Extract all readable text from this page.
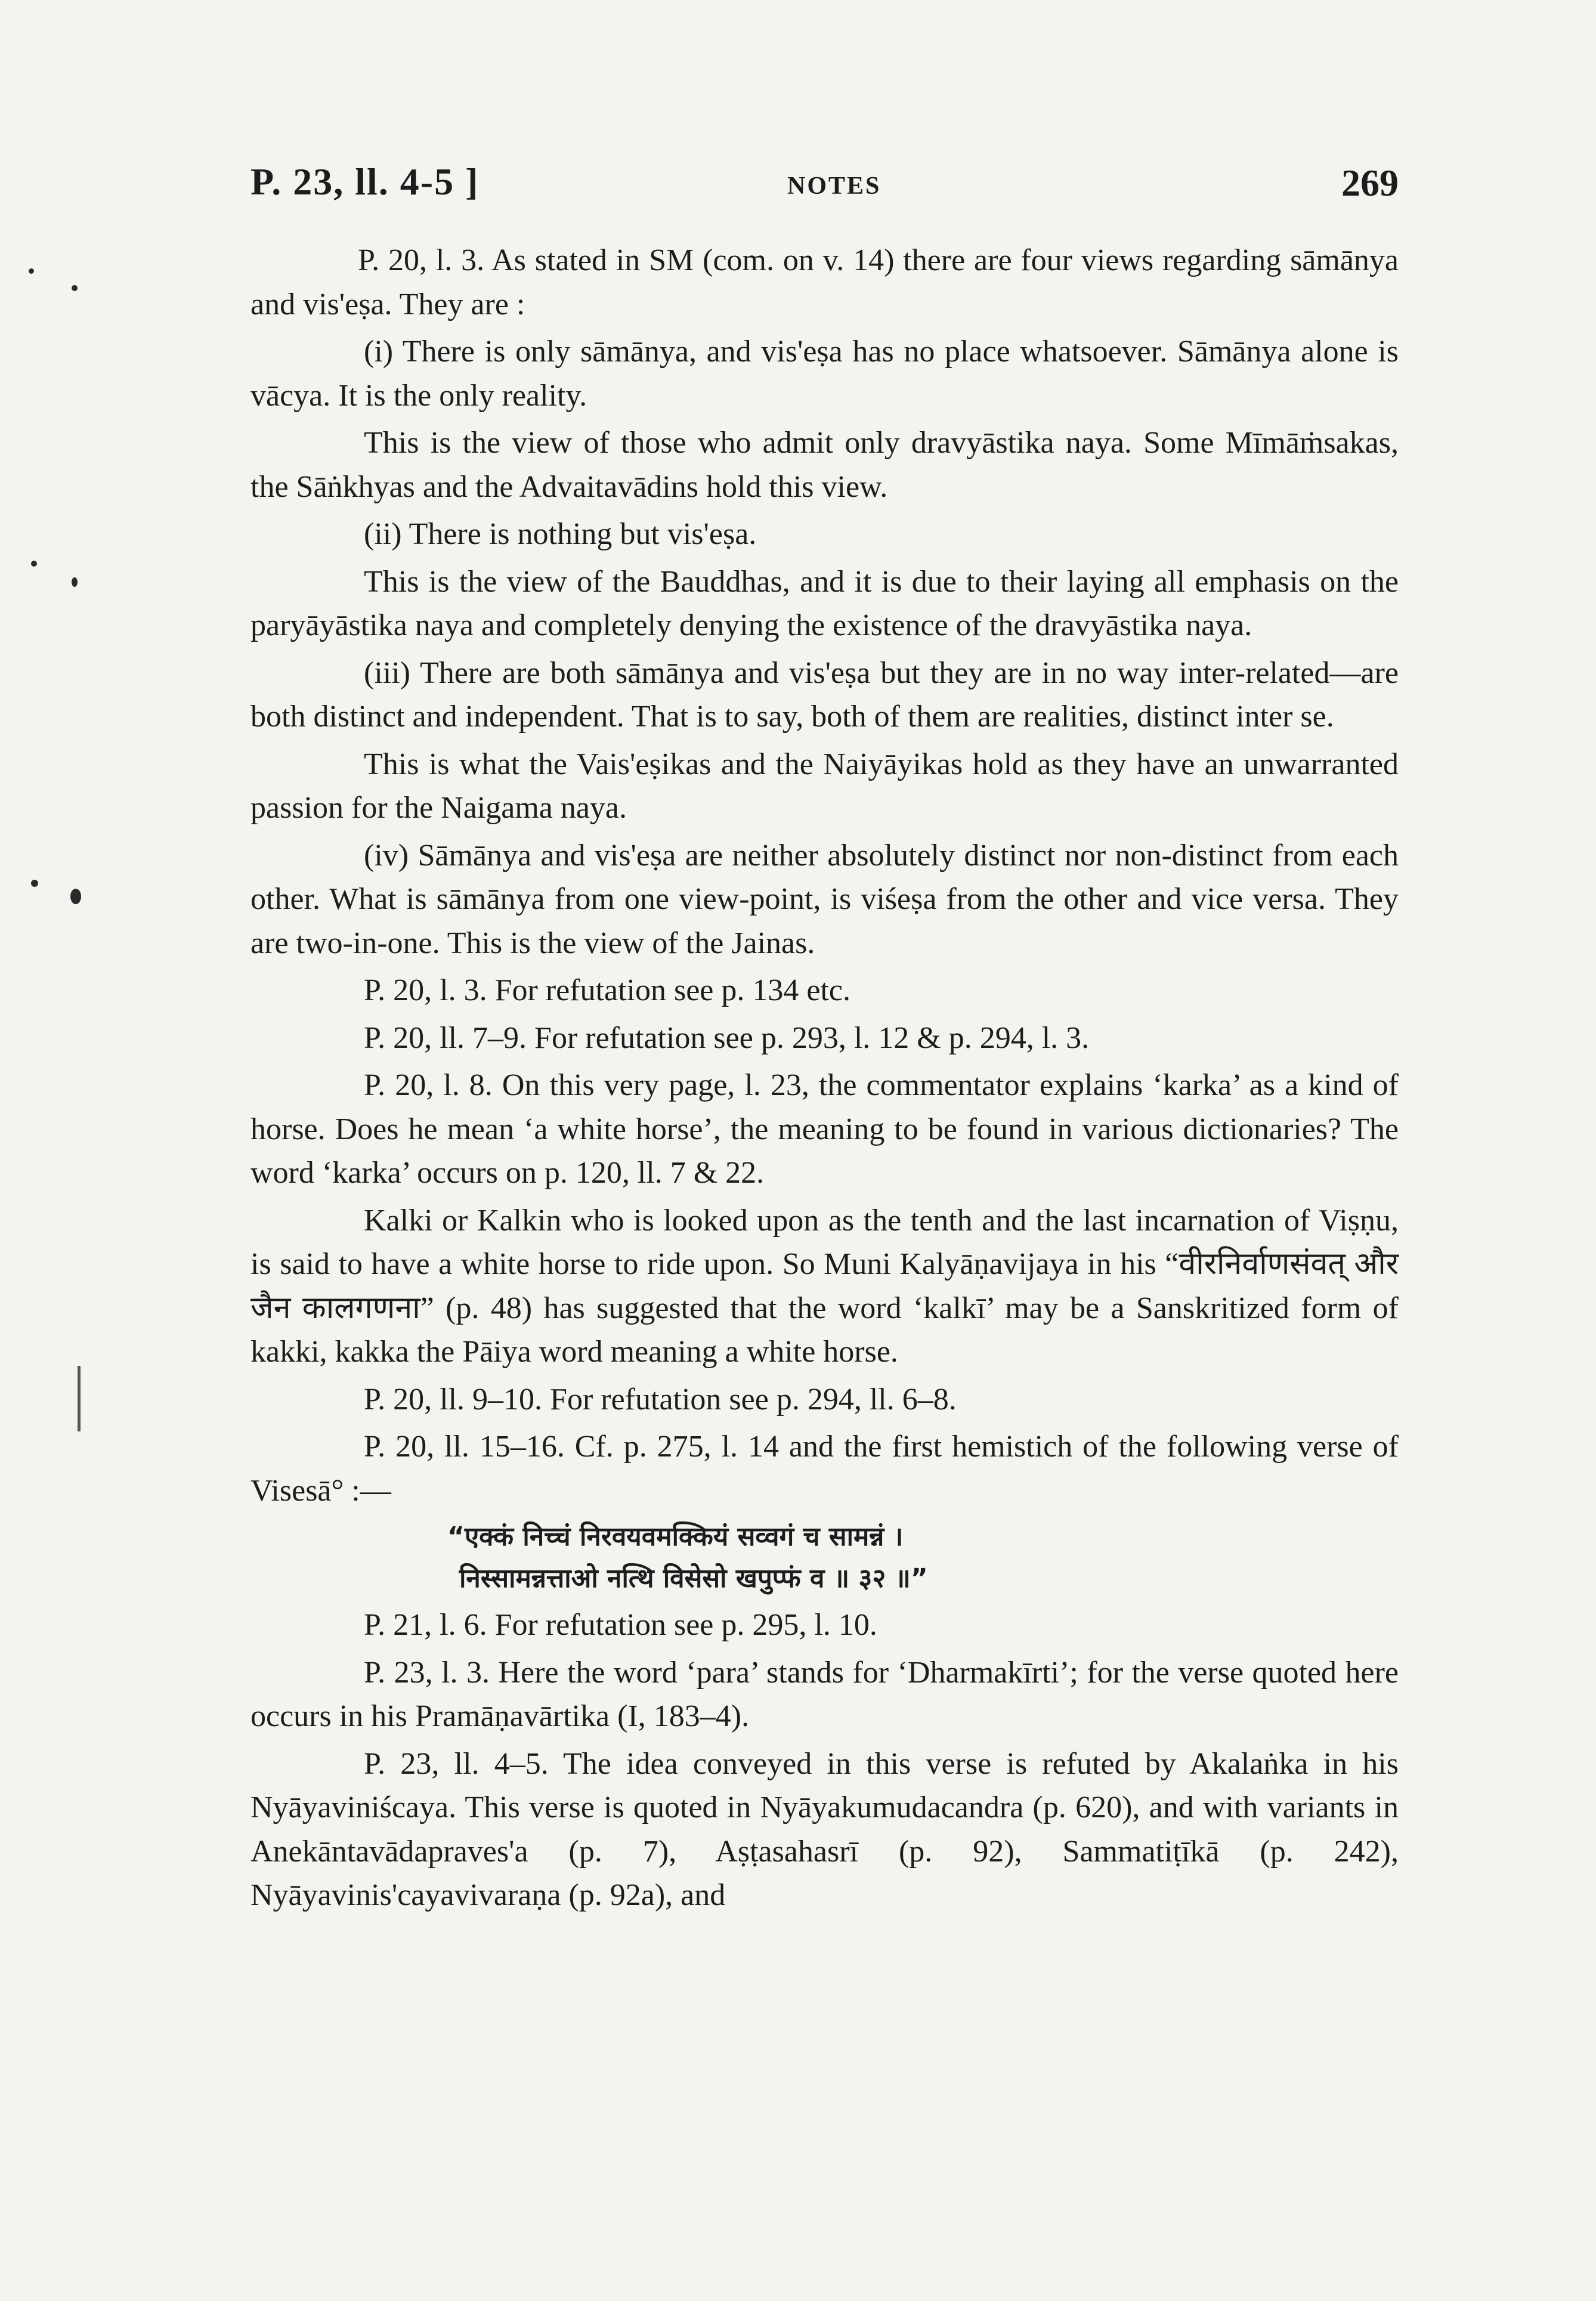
P. 23, ll. 4-5 ]	NOTES	269

P. 20, l. 3. As stated in SM (com. on v. 14) there are four views regarding sāmānya and vis'eṣa. They are :

(i) There is only sāmānya, and vis'eṣa has no place whatsoever. Sāmānya alone is vācya. It is the only reality.

This is the view of those who admit only dravyāstika naya. Some Mīmāṁsakas, the Sāṅkhyas and the Advaitavādins hold this view.

(ii) There is nothing but vis'eṣa.

This is the view of the Bauddhas, and it is due to their laying all emphasis on the paryāyāstika naya and completely denying the existence of the dravyāstika naya.

(iii) There are both sāmānya and vis'eṣa but they are in no way inter-related—are both distinct and independent. That is to say, both of them are realities, distinct inter se.

This is what the Vais'eṣikas and the Naiyāyikas hold as they have an unwarranted passion for the Naigama naya.

(iv) Sāmānya and vis'eṣa are neither absolutely distinct nor non-distinct from each other. What is sāmānya from one view-point, is viśeṣa from the other and vice versa. They are two-in-one. This is the view of the Jainas.

P. 20, l. 3. For refutation see p. 134 etc.

P. 20, ll. 7–9. For refutation see p. 293, l. 12 & p. 294, l. 3.

P. 20, l. 8. On this very page, l. 23, the commentator explains ‘karka’ as a kind of horse. Does he mean ‘a white horse’, the meaning to be found in various dictionaries? The word ‘karka’ occurs on p. 120, ll. 7 & 22.

Kalki or Kalkin who is looked upon as the tenth and the last incarnation of Viṣṇu, is said to have a white horse to ride upon. So Muni Kalyāṇavijaya in his “वीरनिर्वाणसंवत् और जैन कालगणना” (p. 48) has suggested that the word ‘kalkī’ may be a Sanskritized form of kakki, kakka the Pāiya word meaning a white horse.

P. 20, ll. 9–10. For refutation see p. 294, ll. 6–8.

P. 20, ll. 15–16. Cf. p. 275, l. 14 and the first hemistich of the following verse of Visesā° :—

“एक्कं निच्चं निरवयवमक्कियं सव्वगं च सामन्नं ।
निस्सामन्नत्ताओ नत्थि विसेसो खपुप्फं व ॥ ३२ ॥”

P. 21, l. 6. For refutation see p. 295, l. 10.

P. 23, l. 3. Here the word ‘para’ stands for ‘Dharmakīrti’; for the verse quoted here occurs in his Pramāṇavārtika (I, 183–4).

P. 23, ll. 4–5. The idea conveyed in this verse is refuted by Akalaṅka in his Nyāyaviniścaya. This verse is quoted in Nyāyakumudacandra (p. 620), and with variants in Anekāntavādapraves'a (p. 7), Aṣṭasahasrī (p. 92), Sammatiṭīkā (p. 242), Nyāyavinis'cayavivaraṇa (p. 92a), and
